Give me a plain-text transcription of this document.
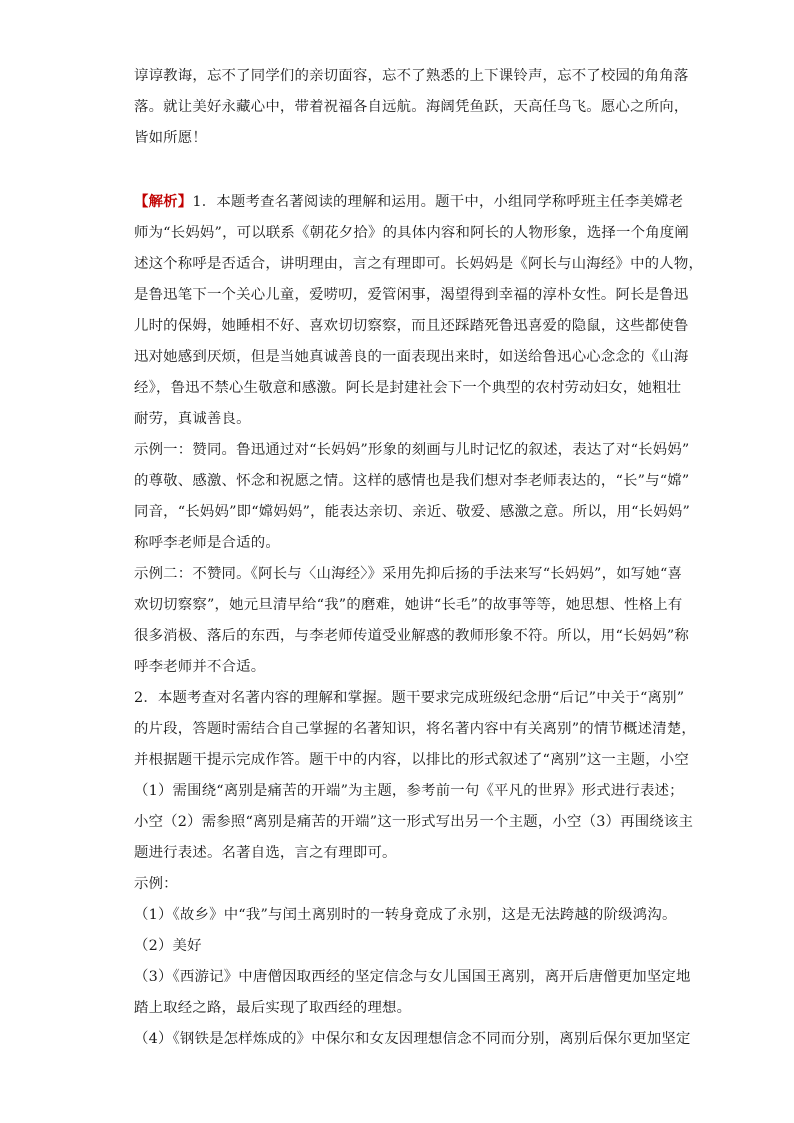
谆谆教诲，忘不了同学们的亲切面容，忘不了熟悉的上下课铃声，忘不了校园的角角落
落。就让美好永藏心中，带着祝福各自远航。海阔凭鱼跃，天高任鸟飞。愿心之所向，
皆如所愿！
【解析】1．本题考查名著阅读的理解和运用。题干中，小组同学称呼班主任李美嫦老
师为“长妈妈”，可以联系《朝花夕拾》的具体内容和阿长的人物形象，选择一个角度阐
述这个称呼是否适合，讲明理由，言之有理即可。长妈妈是《阿长与山海经》中的人物，
是鲁迅笔下一个关心儿童，爱唠叨，爱管闲事，渴望得到幸福的淳朴女性。阿长是鲁迅
儿时的保姆，她睡相不好、喜欢切切察察，而且还踩踏死鲁迅喜爱的隐鼠，这些都使鲁
迅对她感到厌烦，但是当她真诚善良的一面表现出来时，如送给鲁迅心心念念的《山海
经》，鲁迅不禁心生敬意和感激。阿长是封建社会下一个典型的农村劳动妇女，她粗壮
耐劳，真诚善良。
示例一：赞同。鲁迅通过对“长妈妈”形象的刻画与儿时记忆的叙述，表达了对“长妈妈”
的尊敬、感激、怀念和祝愿之情。这样的感情也是我们想对李老师表达的，“长”与“嫦”
同音，“长妈妈”即“嫦妈妈”，能表达亲切、亲近、敬爱、感激之意。所以，用“长妈妈”
称呼李老师是合适的。
示例二：不赞同。《阿长与〈山海经〉》采用先抑后扬的手法来写“长妈妈”，如写她“喜
欢切切察察”，她元旦清早给“我”的磨难，她讲“长毛”的故事等等，她思想、性格上有
很多消极、落后的东西，与李老师传道受业解惑的教师形象不符。所以，用“长妈妈”称
呼李老师并不合适。
2．本题考查对名著内容的理解和掌握。题干要求完成班级纪念册“后记”中关于“离别”
的片段，答题时需结合自己掌握的名著知识，将名著内容中有关离别”的情节概述清楚，
并根据题干提示完成作答。题干中的内容，以排比的形式叙述了“离别”这一主题，小空
（1）需围绕“离别是痛苦的开端”为主题，参考前一句《平凡的世界》形式进行表述；
小空（2）需参照“离别是痛苦的开端”这一形式写出另一个主题，小空（3）再围绕该主
题进行表述。名著自选，言之有理即可。
示例：
（1）《故乡》中“我”与闰土离别时的一转身竟成了永别，这是无法跨越的阶级鸿沟。
（2）美好
（3）《西游记》中唐僧因取西经的坚定信念与女儿国国王离别，离开后唐僧更加坚定地
踏上取经之路，最后实现了取西经的理想。
（4）《钢铁是怎样炼成的》中保尔和女友因理想信念不同而分别，离别后保尔更加坚定
